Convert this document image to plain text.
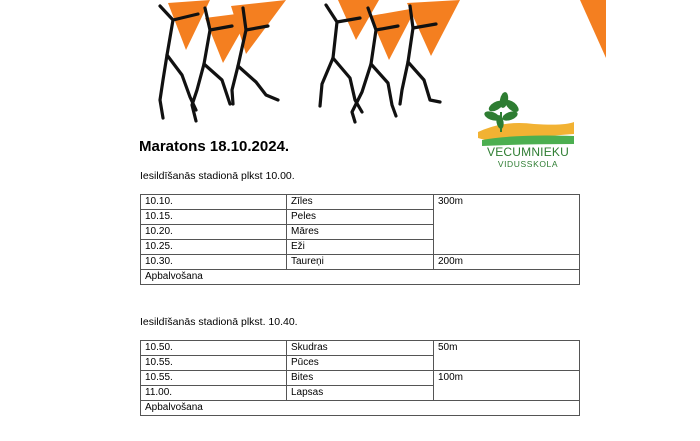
VECUMNIEKU
VIDUSSKOLA
Maratons 18.10.2024.
Iesildīšanās stadionā plkst 10.00.
10.10.	Zīles	300m
10.15.	Peles	
10.20.	Māres	
10.25.	Eži	
10.30.	Taureņi	200m
Apbalvošana		
Iesildīšanās stadionā plkst. 10.40.
10.50.	Skudras	50m
10.55.	Pūces	
10.55.	Bites	100m
11.00.	Lapsas	
Apbalvošana		
